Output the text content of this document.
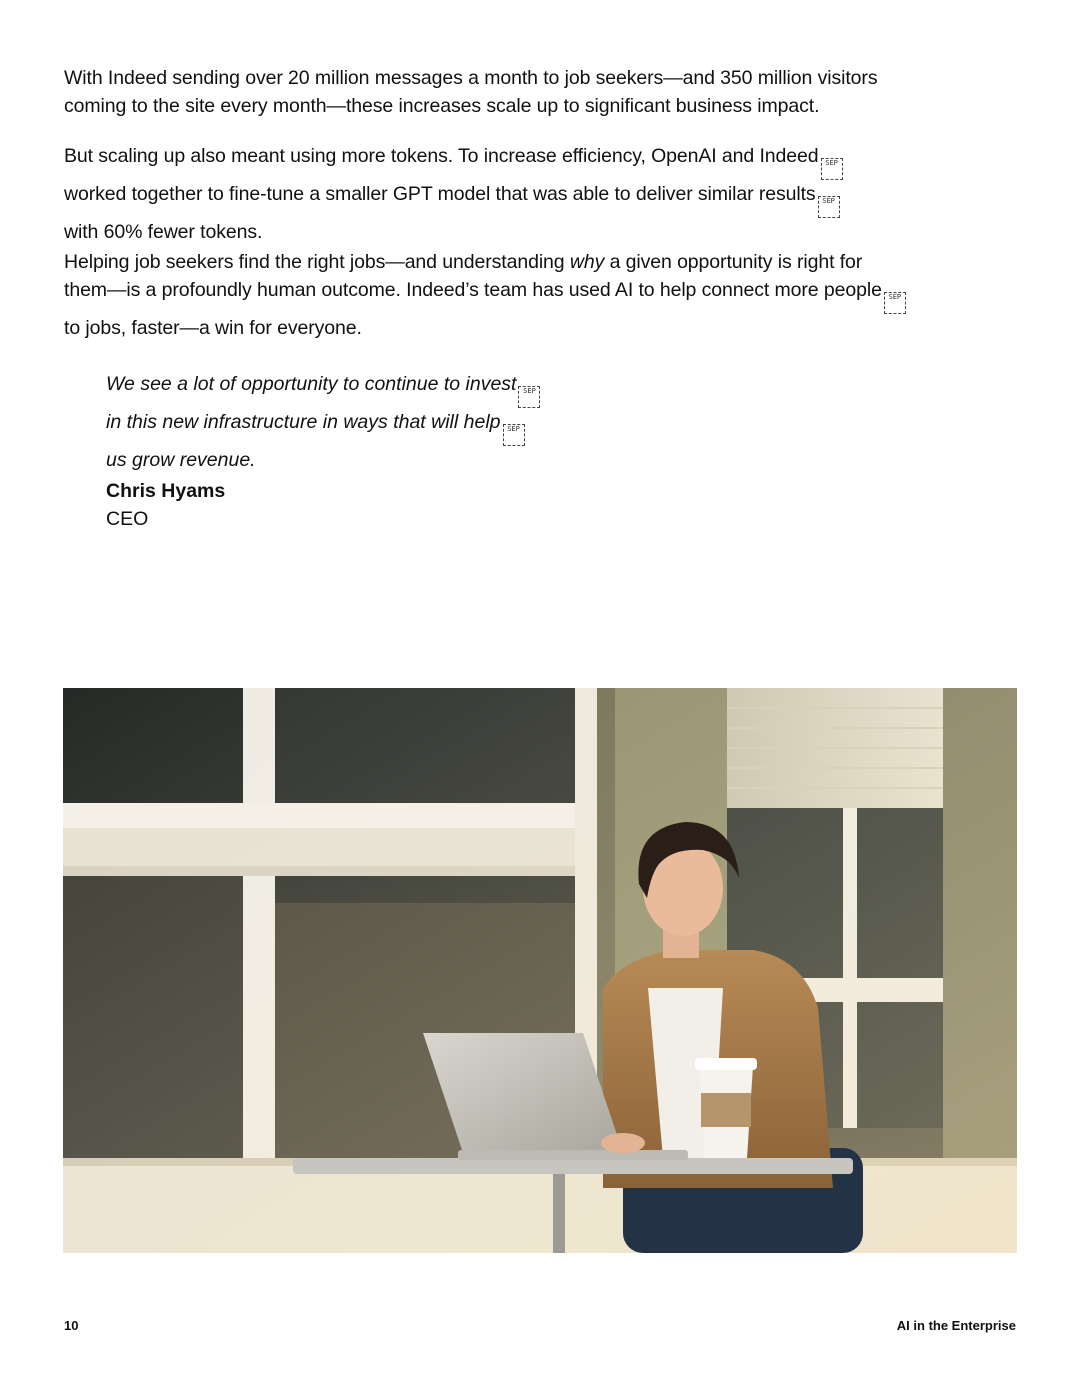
With Indeed sending over 20 million messages a month to job seekers—and 350 million visitors
coming to the site every month—these increases scale up to significant business impact.

But scaling up also meant using more tokens. To increase efficiency, OpenAI and Indeed SEP
worked together to fine-tune a smaller GPT model that was able to deliver similar results SEP
with 60% fewer tokens.

Helping job seekers find the right jobs—and understanding why a given opportunity is right for
them—is a profoundly human outcome. Indeed’s team has used AI to help connect more people SEP
to jobs, faster—a win for everyone.

We see a lot of opportunity to continue to invest SEP
in this new infrastructure in ways that will help SEP
us grow revenue.

Chris Hyams
CEO
10	AI in the Enterprise
